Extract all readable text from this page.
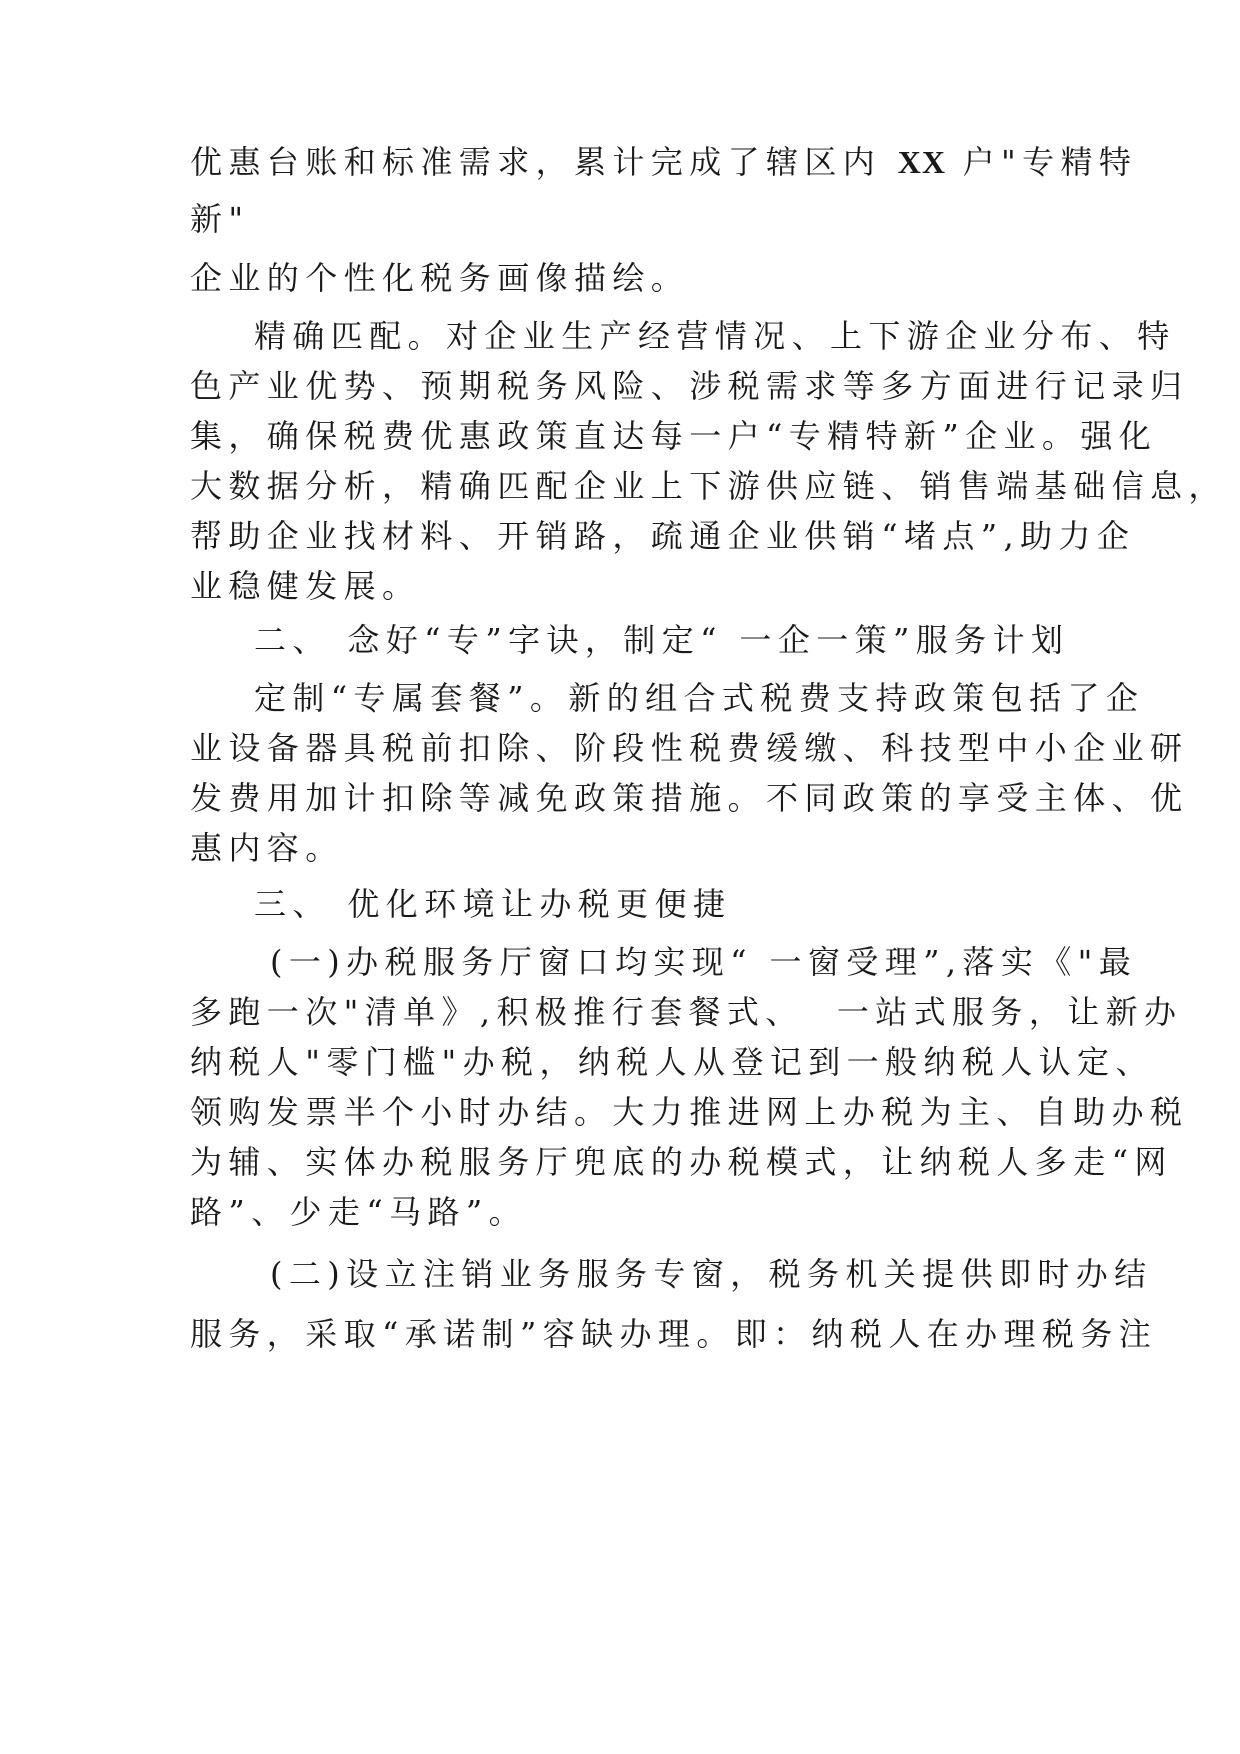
优惠台账和标准需求，累计完成了辖区内 XX 户"专精特

新"

企业的个性化税务画像描绘。

精确匹配。对企业生产经营情况、上下游企业分布、特

色产业优势、预期税务风险、涉税需求等多方面进行记录归

集，确保税费优惠政策直达每一户“专精特新”企业。强化

大数据分析，精确匹配企业上下游供应链、销售端基础信息，

帮助企业找材料、开销路，疏通企业供销“堵点”,助力企

业稳健发展。

二、 念好“专”字诀，制定“ 一企一策”服务计划

定制“专属套餐”。新的组合式税费支持政策包括了企

业设备器具税前扣除、阶段性税费缓缴、科技型中小企业研

发费用加计扣除等减免政策措施。不同政策的享受主体、优

惠内容。

三、 优化环境让办税更便捷

(一)办税服务厅窗口均实现“ 一窗受理”,落实《"最

多跑一次"清单》,积极推行套餐式、  一站式服务，让新办

纳税人"零门槛"办税，纳税人从登记到一般纳税人认定、

领购发票半个小时办结。大力推进网上办税为主、自助办税

为辅、实体办税服务厅兜底的办税模式，让纳税人多走“网

路”、少走“马路”。

(二)设立注销业务服务专窗，税务机关提供即时办结

服务，采取“承诺制”容缺办理。即：纳税人在办理税务注
